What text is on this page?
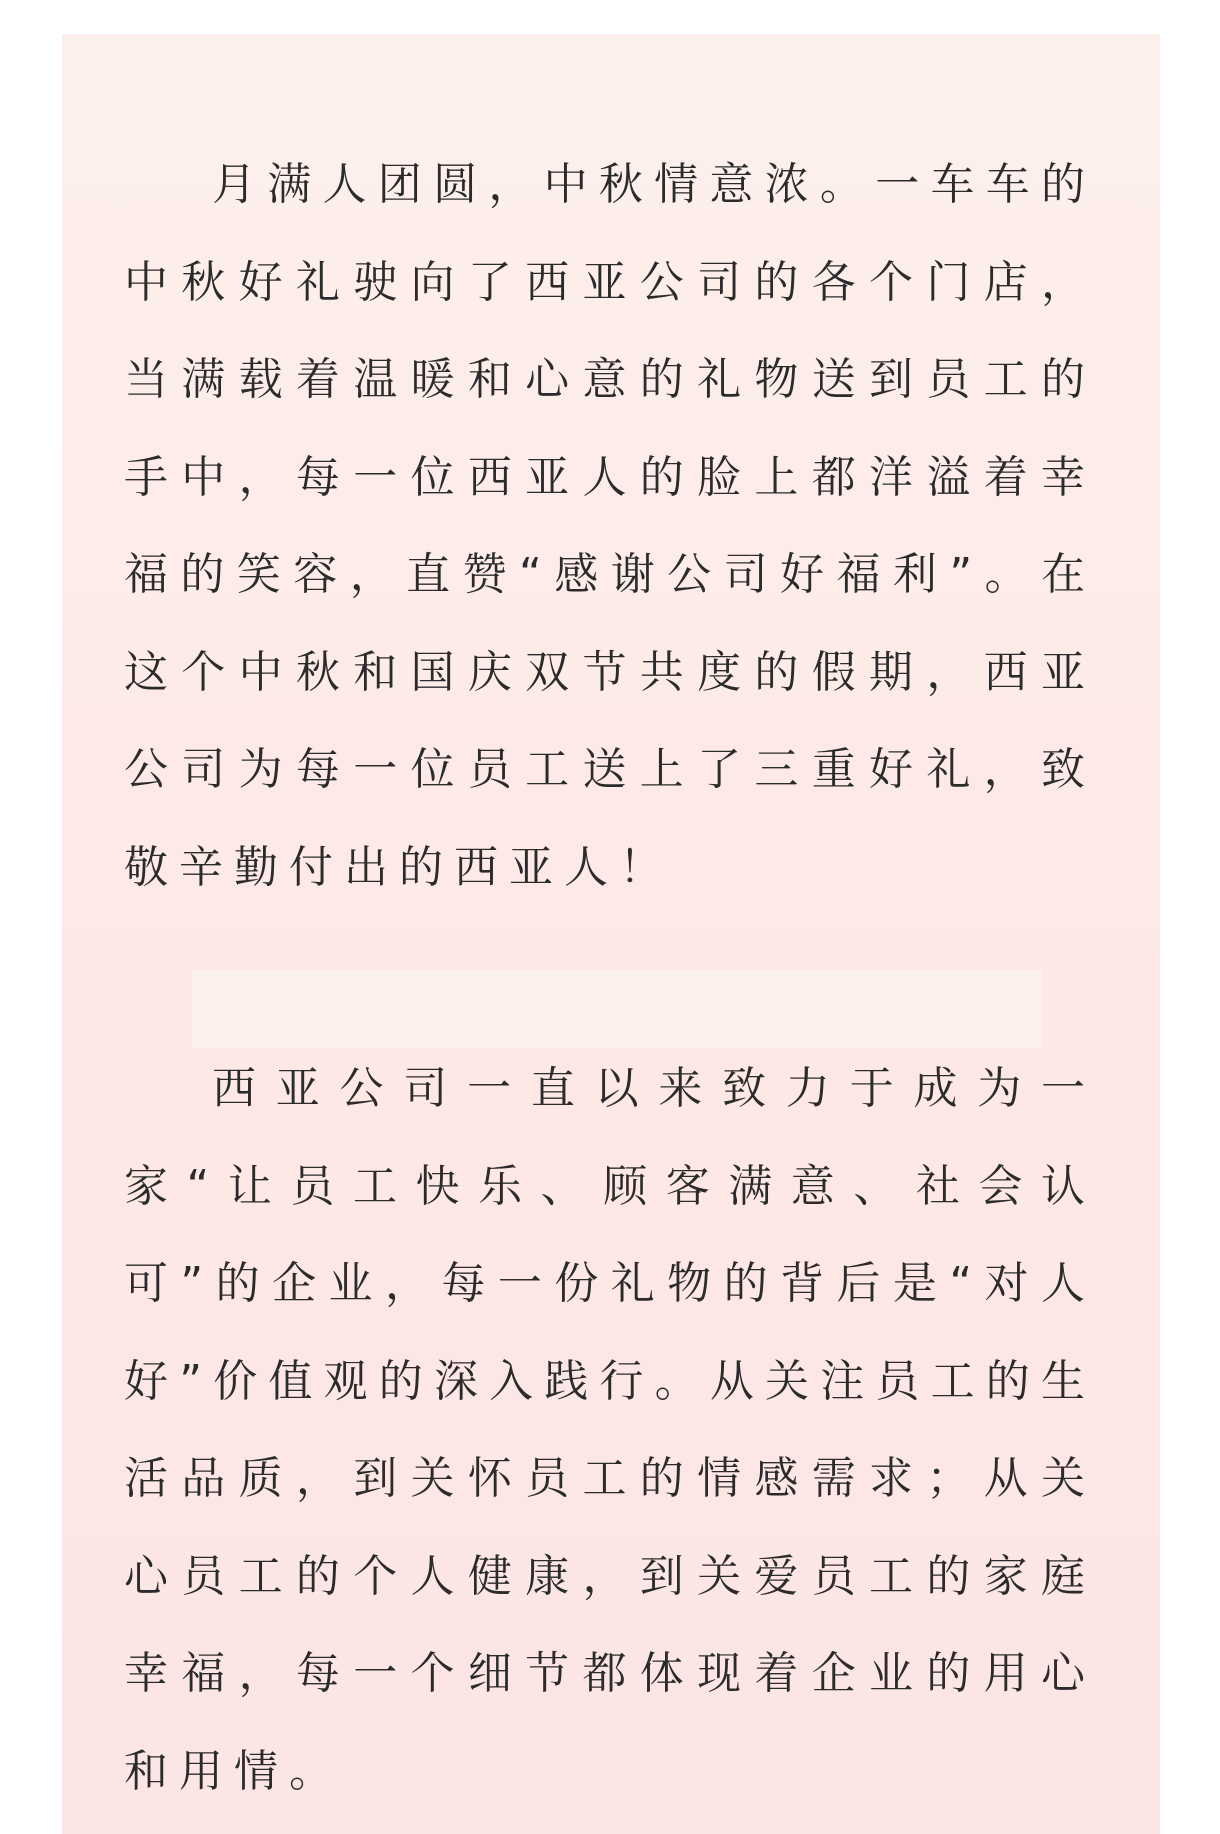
月满人团圆，中秋情意浓。一车车的中秋好礼驶向了西亚公司的各个门店，当满载着温暖和心意的礼物送到员工的手中，每一位西亚人的脸上都洋溢着幸福的笑容，直赞“感谢公司好福利”。在这个中秋和国庆双节共度的假期，西亚公司为每一位员工送上了三重好礼，致敬辛勤付出的西亚人！

西亚公司一直以来致力于成为一家“让员工快乐、顾客满意、社会认可”的企业，每一份礼物的背后是“对人好”价值观的深入践行。从关注员工的生活品质，到关怀员工的情感需求；从关心员工的个人健康，到关爱员工的家庭幸福，每一个细节都体现着企业的用心和用情。
